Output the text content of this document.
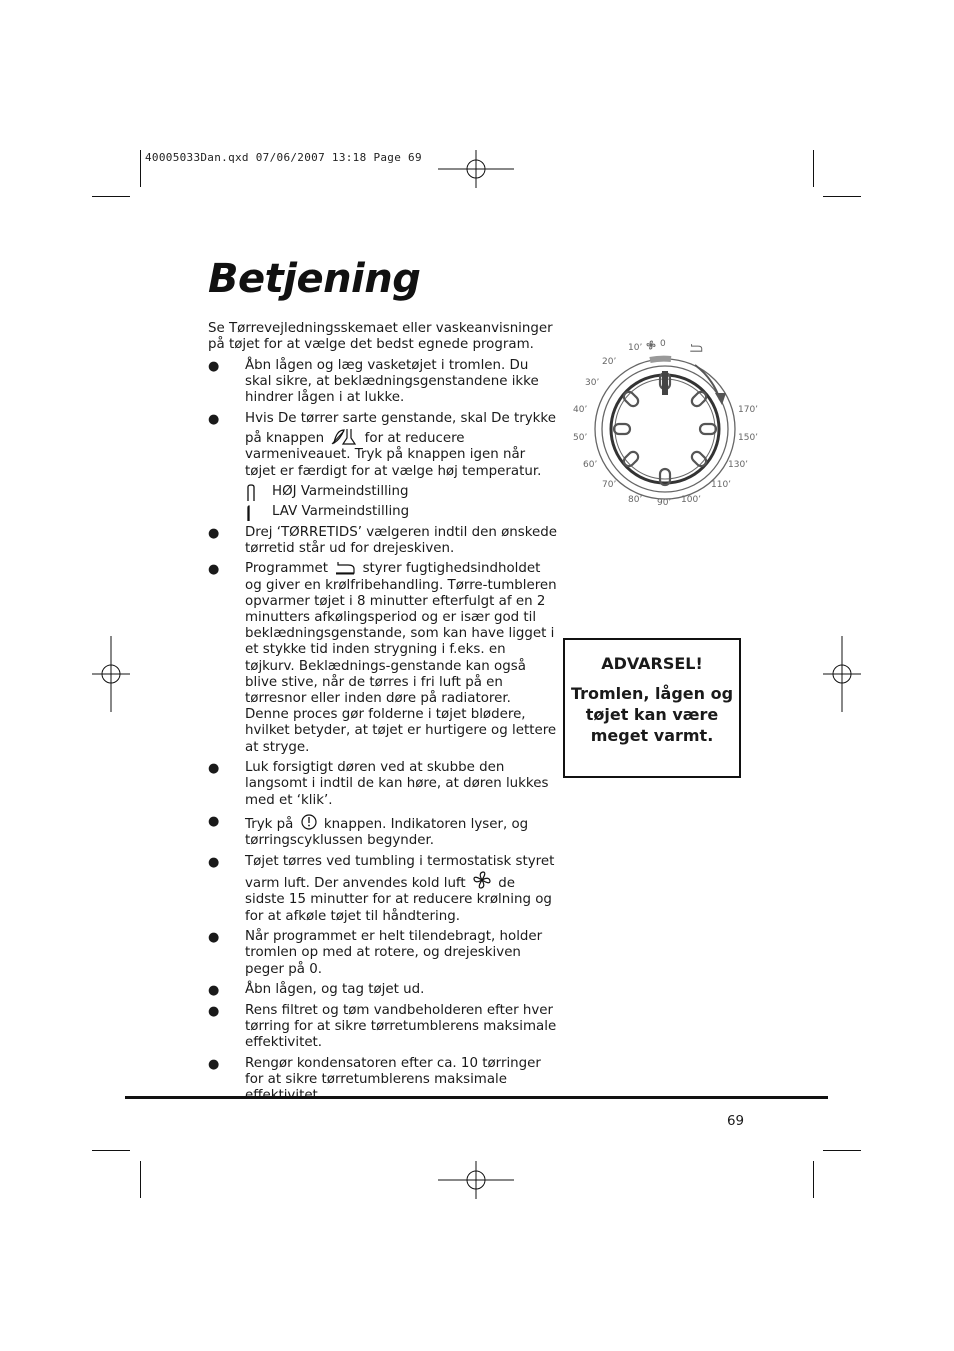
40005033Dan.qxd 07/06/2007 13:18 Page 69
Betjening
Se Tørrevejledningsskemaet eller vaskeanvisninger på tøjet for at vælge det bedst egnede program.
● Åbn lågen og læg vasketøjet i tromlen. Du skal sikre, at beklædningsgenstandene ikke hindrer lågen i at lukke.
● Hvis De tørrer sarte genstande, skal De trykke på knappen	for at reducere varmeniveauet. Tryk på knappen igen når tøjet er færdigt for at vælge høj temperatur.
HØJ Varmeindstilling
LAV Varmeindstilling
● Drej ‘TØRRETIDS’ vælgeren indtil den ønskede tørretid står ud for drejeskiven.
● Programmet	styrer fugtighedsindholdet og giver en krølfribehandling. Tørre-tumbleren opvarmer tøjet i 8 minutter efterfulgt af en 2 minutters afkølingsperiod og er især god til beklædningsgenstande, som kan have ligget i et stykke tid inden strygning i f.eks. en tøjkurv. Beklædnings-genstande kan også blive stive, når de tørres i fri luft på en tørresnor eller inden døre på radiatorer. Denne proces gør folderne i tøjet blødere, hvilket betyder, at tøjet er hurtigere og lettere at stryge.
● Luk forsigtigt døren ved at skubbe den langsomt i indtil de kan høre, at døren lukkes med et ‘klik’.
● Tryk på knappen. Indikatoren lyser, og tørringscyklussen begynder.
● Tøjet tørres ved tumbling i termostatisk styret varm luft. Der anvendes kold luft de sidste 15 minutter for at reducere krølning og for at afkøle tøjet til håndtering.
● Når programmet er helt tilendebragt, holder tromlen op med at rotere, og drejeskiven peger på 0.
● Åbn lågen, og tag tøjet ud.
● Rens filtret og tøm vandbeholderen efter hver tørring for at sikre tørretumblerens maksimale effektivitet.
● Rengør kondensatoren efter ca. 10 tørringer for at sikre tørretumblerens maksimale
0
10’
20’
30’
40’
50’
60’
70’
80’ 90’ 100’
110’
130’
150’
170’
ADVARSEL!
Tromlen, lågen og tøjet kan være meget varmt.
69
